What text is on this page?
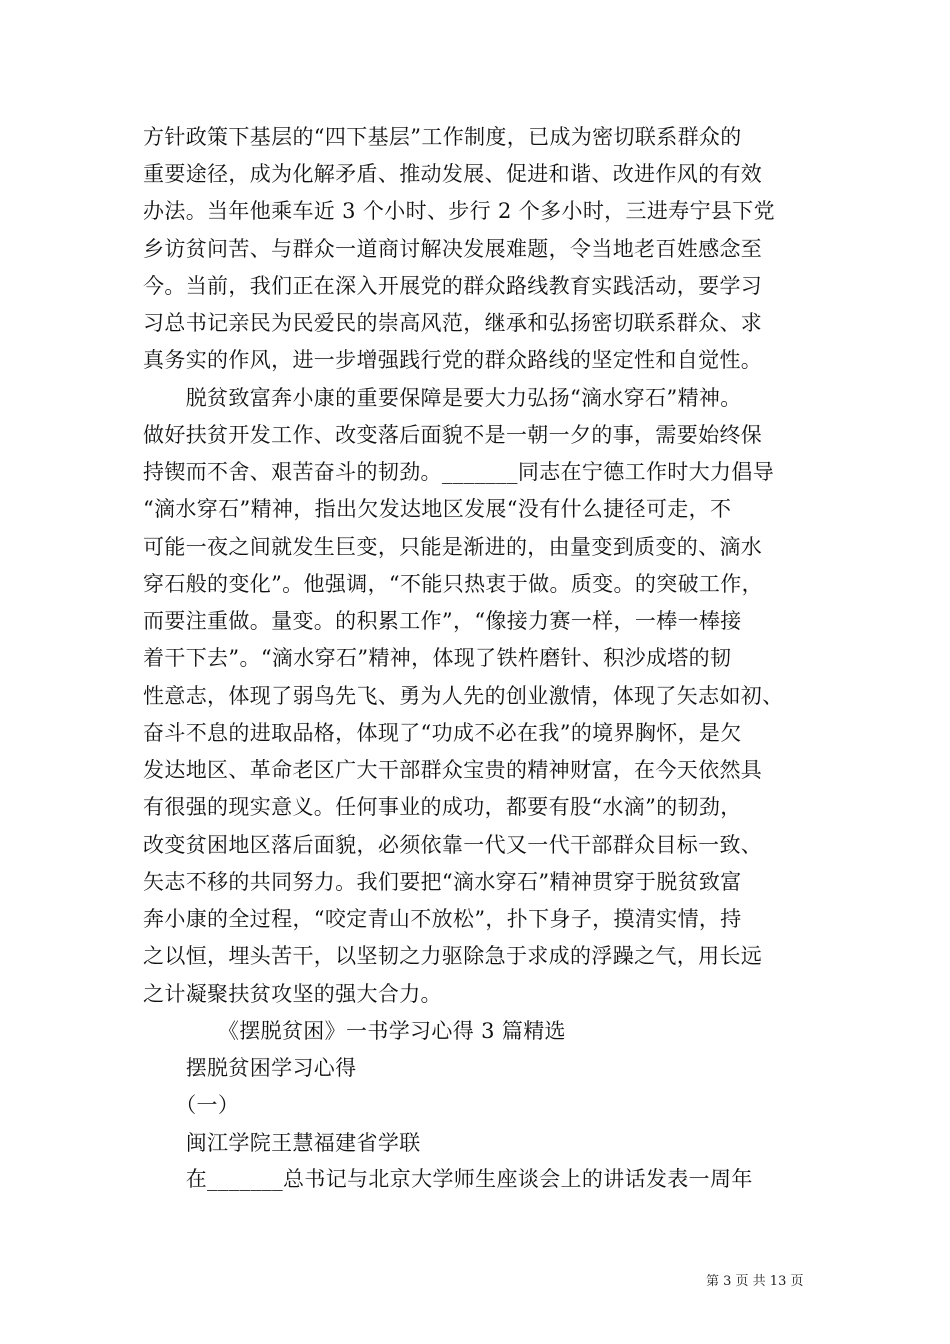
方针政策下基层的“四下基层”工作制度，已成为密切联系群众的
重要途径，成为化解矛盾、推动发展、促进和谐、改进作风的有效
办法。当年他乘车近 3 个小时、步行 2 个多小时，三进寿宁县下党
乡访贫问苦、与群众一道商讨解决发展难题，令当地老百姓感念至
今。当前，我们正在深入开展党的群众路线教育实践活动，要学习
习总书记亲民为民爱民的崇高风范，继承和弘扬密切联系群众、求
真务实的作风，进一步增强践行党的群众路线的坚定性和自觉性。
　　脱贫致富奔小康的重要保障是要大力弘扬“滴水穿石”精神。
做好扶贫开发工作、改变落后面貌不是一朝一夕的事，需要始终保
持锲而不舍、艰苦奋斗的韧劲。_______同志在宁德工作时大力倡导
“滴水穿石”精神，指出欠发达地区发展“没有什么捷径可走，不
可能一夜之间就发生巨变，只能是渐进的，由量变到质变的、滴水
穿石般的变化”。他强调，“不能只热衷于做。质变。的突破工作，
而要注重做。量变。的积累工作”，“像接力赛一样，一棒一棒接
着干下去”。“滴水穿石”精神，体现了铁杵磨针、积沙成塔的韧
性意志，体现了弱鸟先飞、勇为人先的创业激情，体现了矢志如初、
奋斗不息的进取品格，体现了“功成不必在我”的境界胸怀，是欠
发达地区、革命老区广大干部群众宝贵的精神财富，在今天依然具
有很强的现实意义。任何事业的成功，都要有股“水滴”的韧劲，
改变贫困地区落后面貌，必须依靠一代又一代干部群众目标一致、
矢志不移的共同努力。我们要把“滴水穿石”精神贯穿于脱贫致富
奔小康的全过程，“咬定青山不放松”，扑下身子，摸清实情，持
之以恒，埋头苦干，以坚韧之力驱除急于求成的浮躁之气，用长远
之计凝聚扶贫攻坚的强大合力。
　　　　《摆脱贫困》一书学习心得 3 篇精选
　　摆脱贫困学习心得
　　（一）
　　闽江学院王慧福建省学联
　　在_______总书记与北京大学师生座谈会上的讲话发表一周年
第 3 页 共 13 页
